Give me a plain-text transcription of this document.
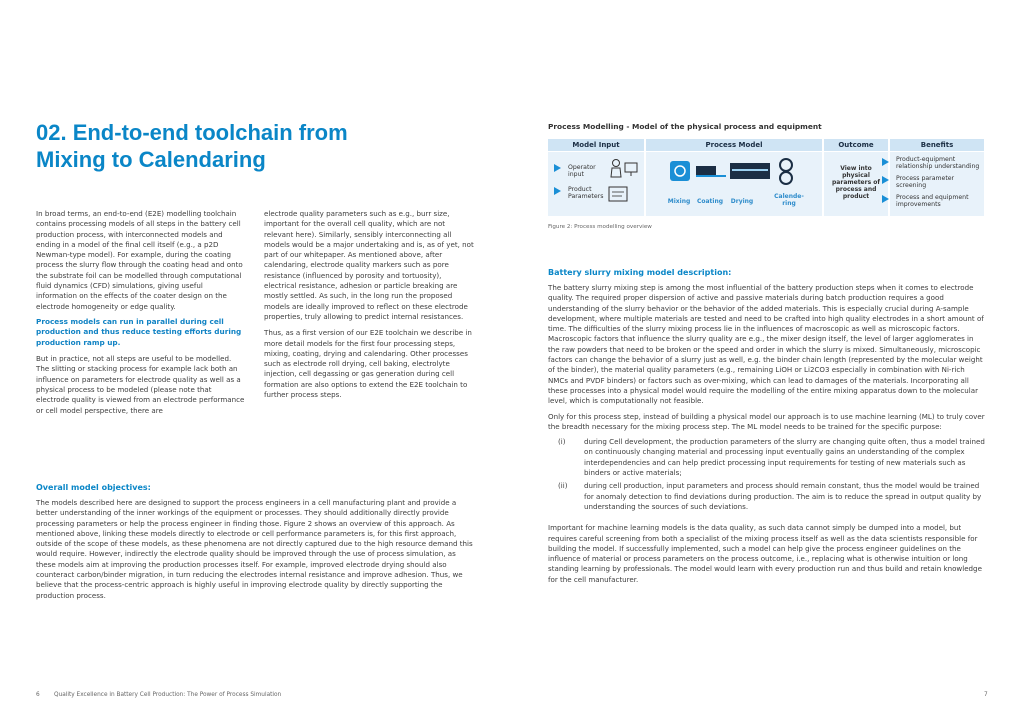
02. End-to-end toolchain from Mixing to Calendaring

In broad terms, an end-to-end (E2E) modelling toolchain contains processing models of all steps in the battery cell production process, with interconnected models and ending in a model of the final cell itself (e.g., a p2D Newman-type model). For example, during the coating process the slurry flow through the coating head and onto the substrate foil can be modelled through computational fluid dynamics (CFD) simulations, giving useful information on the effects of the coater design on the electrode homogeneity or edge quality.

Process models can run in parallel during cell production and thus reduce testing efforts during production ramp up.

But in practice, not all steps are useful to be modelled. The slitting or stacking process for example lack both an influence on parameters for electrode quality as well as a physical process to be modeled (please note that electrode quality is viewed from an electrode performance or cell model perspective, there are

electrode quality parameters such as e.g., burr size, important for the overall cell quality, which are not relevant here). Similarly, sensibly interconnecting all models would be a major undertaking and is, as of yet, not part of our whitepaper. As mentioned above, after calendaring, electrode quality markers such as pore resistance (influenced by porosity and tortuosity), electrical resistance, adhesion or particle breaking are mostly settled. As such, in the long run the proposed models are ideally improved to reflect on these electrode properties, truly allowing to predict internal resistances.

Thus, as a first version of our E2E toolchain we describe in more detail models for the first four processing steps, mixing, coating, drying and calendaring. Other processes such as electrode roll drying, cell baking, electrolyte injection, cell degassing or gas generation during cell formation are also options to extend the E2E toolchain to further process steps.

Overall model objectives:
The models described here are designed to support the process engineers in a cell manufacturing plant and provide a better understanding of the inner workings of the equipment or processes. They should additionally directly provide processing parameters or help the process engineer in finding those. Figure 2 shows an overview of this approach. As mentioned above, linking these models directly to electrode or cell performance parameters is, for this first approach, outside of the scope of these models, as these phenomena are not directly captured due to the high resource demand this would require. However, indirectly the electrode quality should be improved through the use of process simulation, as these models aim at improving the production processes itself. For example, improved electrode drying should also counteract carbon/binder migration, in turn reducing the electrodes internal resistance and improve adhesion. Thus, we believe that the process-centric approach is highly useful in improving electrode quality by directly supporting the production process.
6 Quality Excellence in Battery Cell Production: The Power of Process Simulation
Process Modelling - Model of the physical process and equipment
Model Input	Process Model	Outcome	Benefits
Operator input
Product Parameters
Mixing Coating	Drying
Calende-ring
View into physical parameters of process and product
Product-equipment relationship understanding
Process parameter screening
Process and equipment improvements
Figure 2: Process modelling overview
Battery slurry mixing model description:

The battery slurry mixing step is among the most influential of the battery production steps when it comes to electrode quality. The required proper dispersion of active and passive materials during batch production requires a good understanding of the slurry behavior or the behavior of the added materials. This is especially crucial during A-sample development, where multiple materials are tested and need to be crafted into high quality electrodes in a short amount of time. The difficulties of the slurry mixing process lie in the influences of macroscopic as well as microscopic factors. Macroscopic factors that influence the slurry quality are e.g., the mixer design itself, the level of larger agglomerates in the raw powders that need to be broken or the speed and order in which the slurry is mixed. Simultaneously, microscopic factors can change the behavior of a slurry just as well, e.g. the binder chain length (represented by the molecular weight of the binder), the material quality parameters (e.g., remaining LiOH or Li2CO3 especially in combination with Ni-rich NMCs and PVDF binders) or factors such as over-mixing, which can lead to damages of the materials. Incorporating all these processes into a physical model would require the modelling of the entire mixing apparatus down to the molecular level, which is computationally not feasible.

Only for this process step, instead of building a physical model our approach is to use machine learning (ML) to truly cover the breadth necessary for the mixing process step. The ML model needs to be trained for the specific purpose:

(i)	during Cell development, the production parameters of the slurry are changing quite often, thus a model trained on continuously changing material and processing input eventually gains an understanding of the complex interdependencies and can help predict processing input requirements for testing of new materials such as binders or active materials;
(ii)	during cell production, input parameters and process should remain constant, thus the model would be trained for anomaly detection to find deviations during production. The aim is to reduce the spread in output quality by understanding the sources of such deviations.

Important for machine learning models is the data quality, as such data cannot simply be dumped into a model, but requires careful screening from both a specialist of the mixing process itself as well as the data scientists responsible for building the model. If successfully implemented, such a model can help give the process engineer guidelines on the influence of material or process parameters on the process outcome, i.e., replacing what is otherwise intuition or long standing learning by professionals. The model would learn with every production run and thus build and retain knowledge for the cell manufacturer.

7
